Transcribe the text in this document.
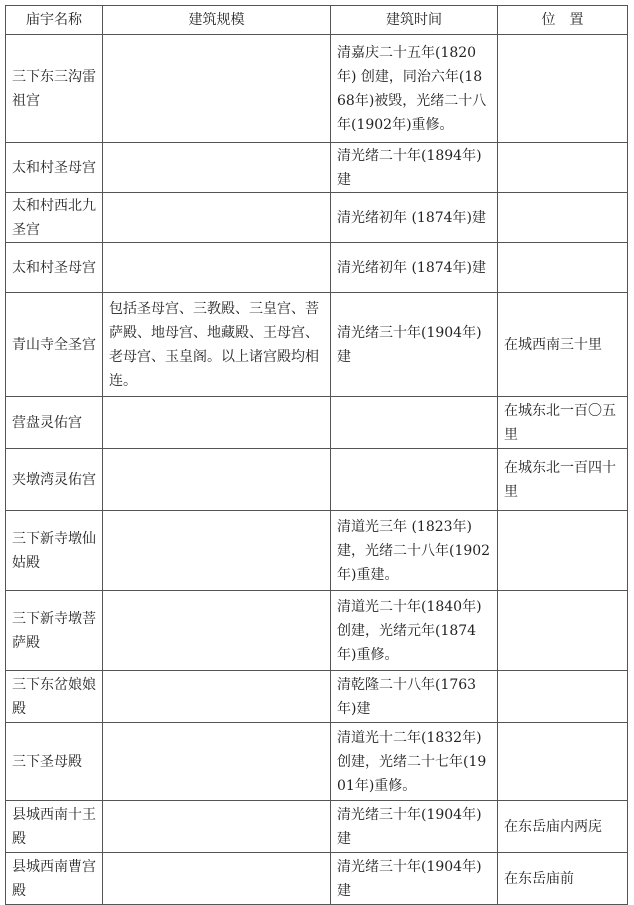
庙宇名称	建筑规模	建筑时间	位　置
三下东三沟雷祖宫		清嘉庆二十五年(1820年) 创建，同治六年(1868年)被毁，光绪二十八年(1902年)重修。	
太和村圣母宫		清光绪二十年(1894年)建	
太和村西北九圣宫		清光绪初年 (1874年)建	
太和村圣母宫		清光绪初年 (1874年)建	
青山寺全圣宫	包括圣母宫、三教殿、三皇宫、菩萨殿、地母宫、地藏殿、王母宫、老母宫、玉皇阁。以上诸宫殿均相连。	清光绪三十年(1904年)建	在城西南三十里
营盘灵佑宫			在城东北一百〇五里
夹墩湾灵佑宫			在城东北一百四十里
三下新寺墩仙姑殿		清道光三年 (1823年)建，光绪二十八年(1902年)重建。	
三下新寺墩菩萨殿		清道光二十年(1840年)创建，光绪元年(1874年)重修。	
三下东岔娘娘殿		清乾隆二十八年(1763年)建	
三下圣母殿		清道光十二年(1832年)创建，光绪二十七年(1901年)重修。	
县城西南十王殿		清光绪三十年(1904年)建	在东岳庙内两庑
县城西南曹宫殿		清光绪三十年(1904年)建	在东岳庙前
